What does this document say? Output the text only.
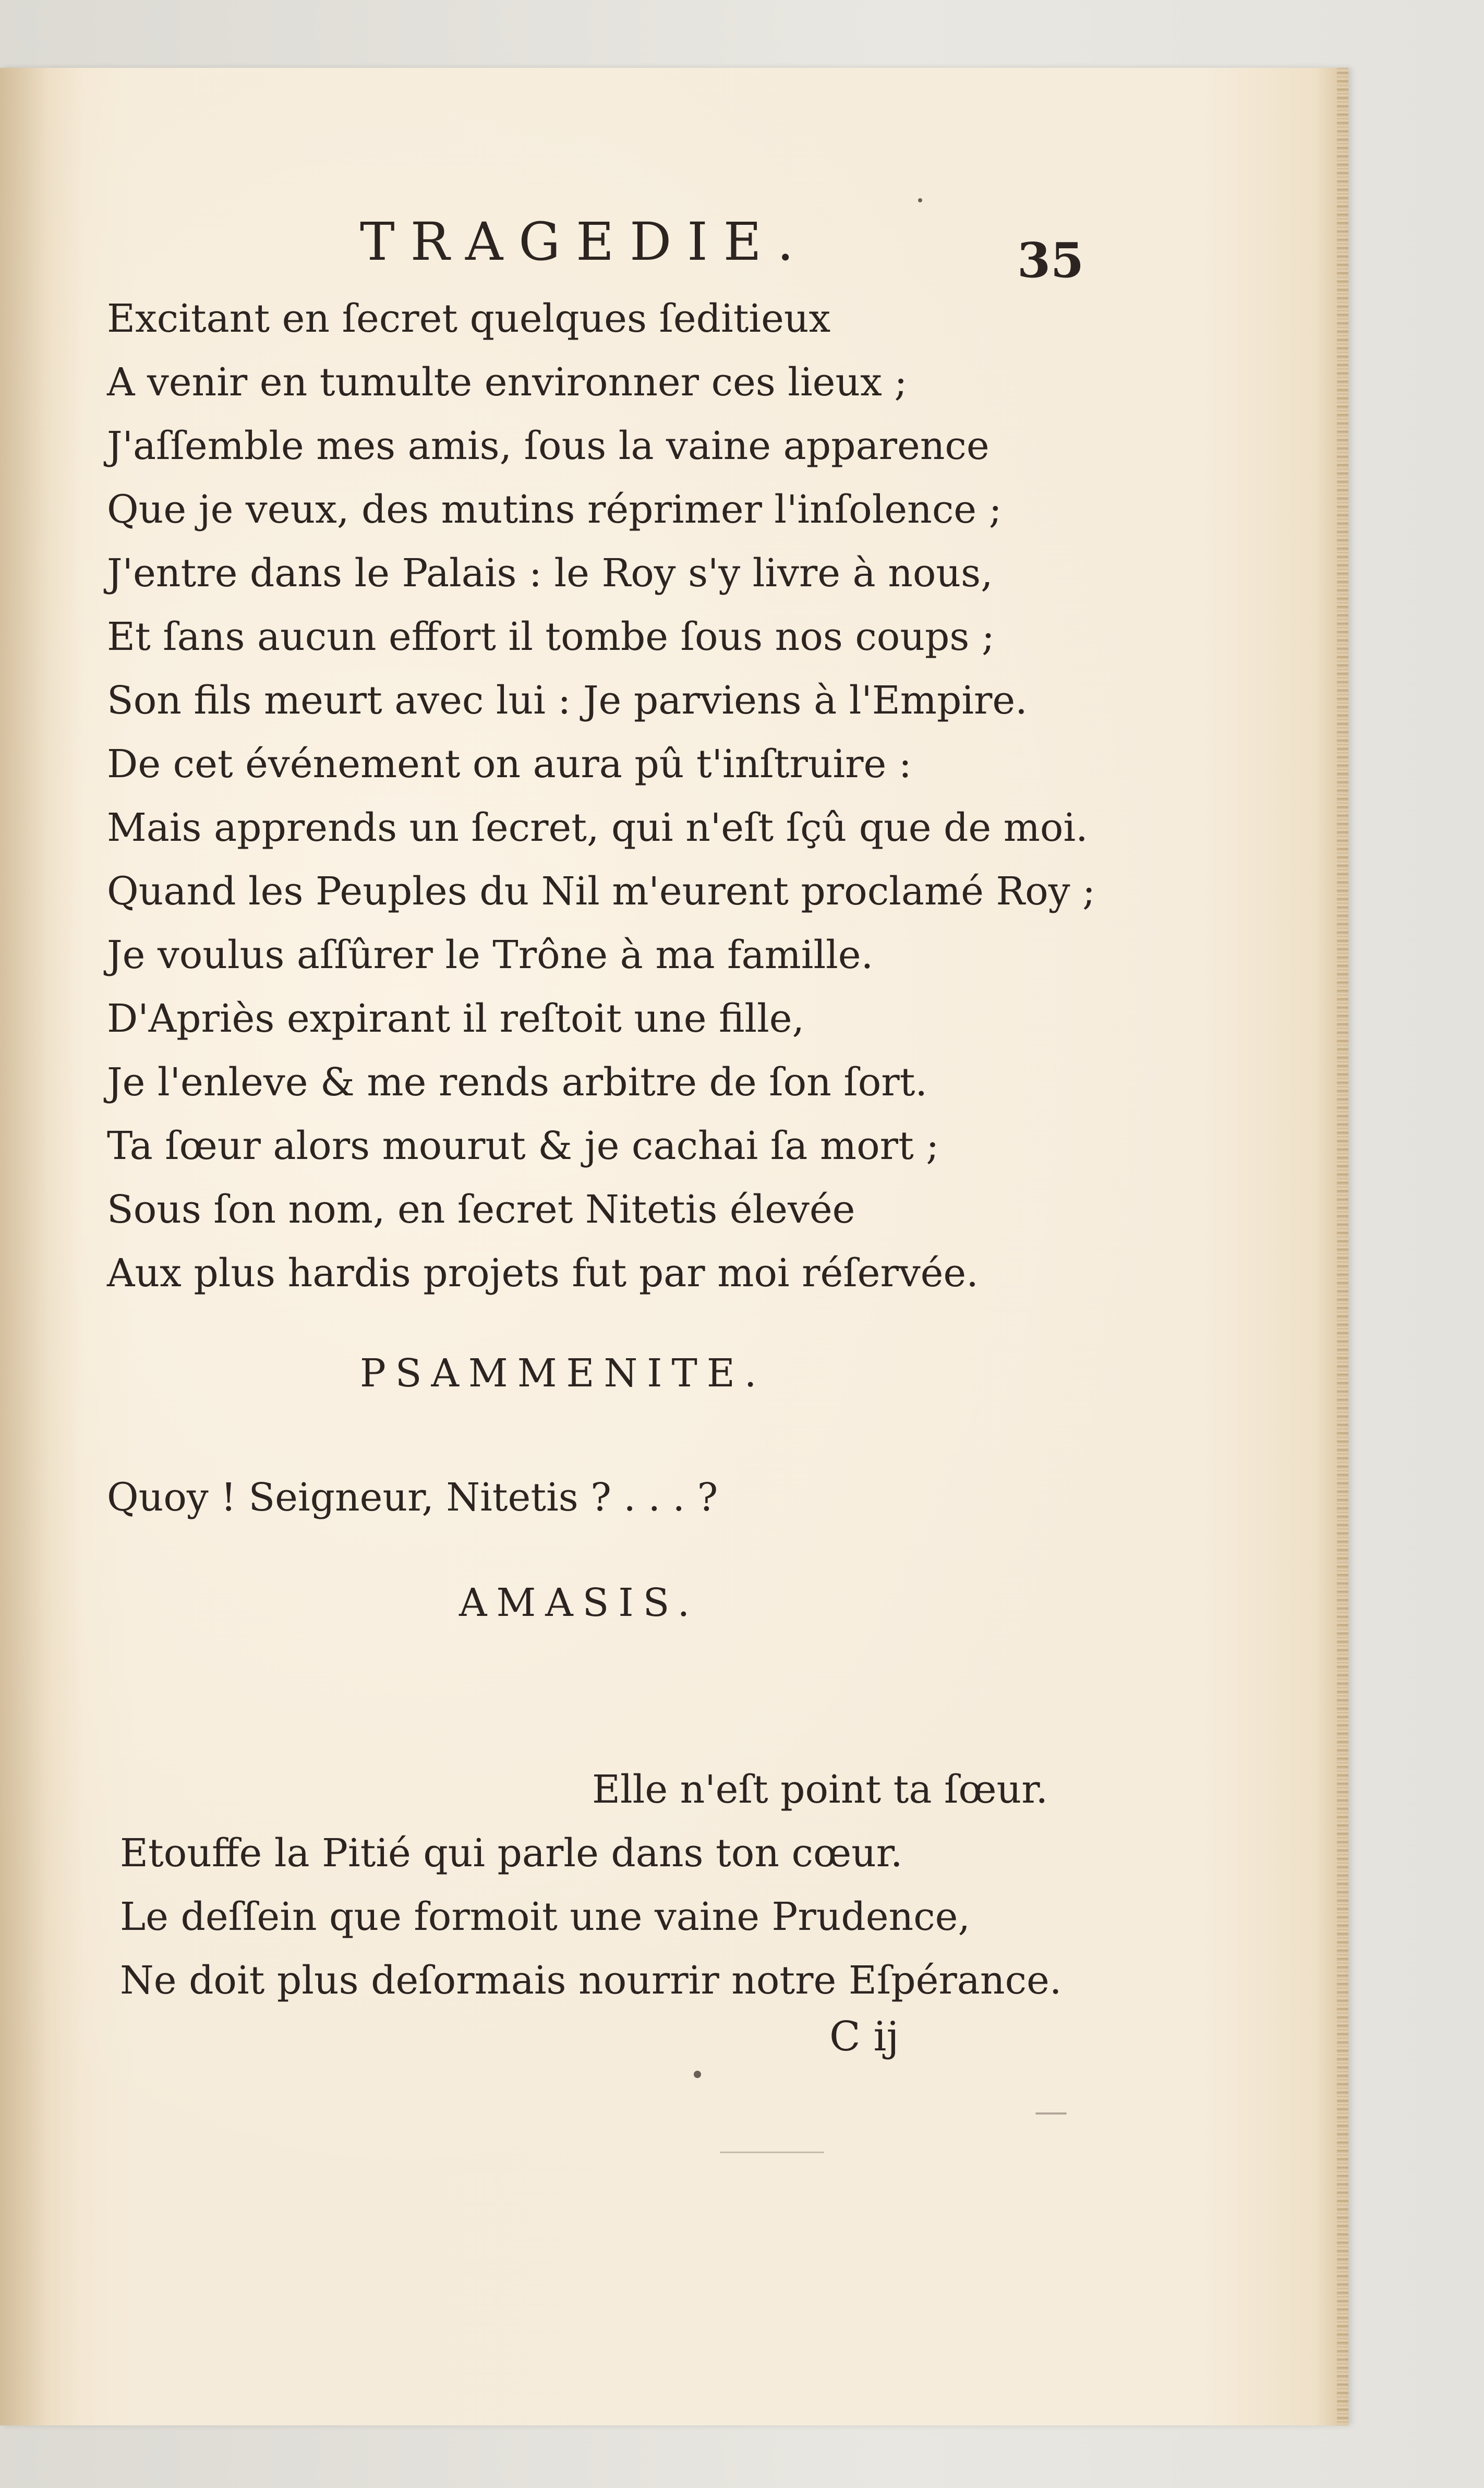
TRAGEDIE.	35
Excitant en ſecret quelques ſeditieux
A venir en tumulte environner ces lieux ;
J'aſſemble mes amis, ſous la vaine apparence
Que je veux, des mutins réprimer l'inſolence ;
J'entre dans le Palais : le Roy s'y livre à nous,
Et ſans aucun effort il tombe ſous nos coups ;
Son fils meurt avec lui : Je parviens à l'Empire.
De cet événement on aura pû t'inſtruire :
Mais apprends un ſecret, qui n'eſt ſçû que de moi.
Quand les Peuples du Nil m'eurent proclamé Roy ;
Je voulus aſſûrer le Trône à ma famille.
D'Apriès expirant il reſtoit une fille,
Je l'enleve & me rends arbitre de ſon ſort.
Ta ſœur alors mourut & je cachai ſa mort ;
Sous ſon nom, en ſecret Nitetis élevée
Aux plus hardis projets fut par moi réſervée.
PSAMMENITE.
Quoy ! Seigneur, Nitetis ? . . . ?
AMASIS.
Elle n'eſt point ta ſœur.
Etouffe la Pitié qui parle dans ton cœur.
Le deſſein que formoit une vaine Prudence,
Ne doit plus deſormais nourrir notre Eſpérance.
C ij
